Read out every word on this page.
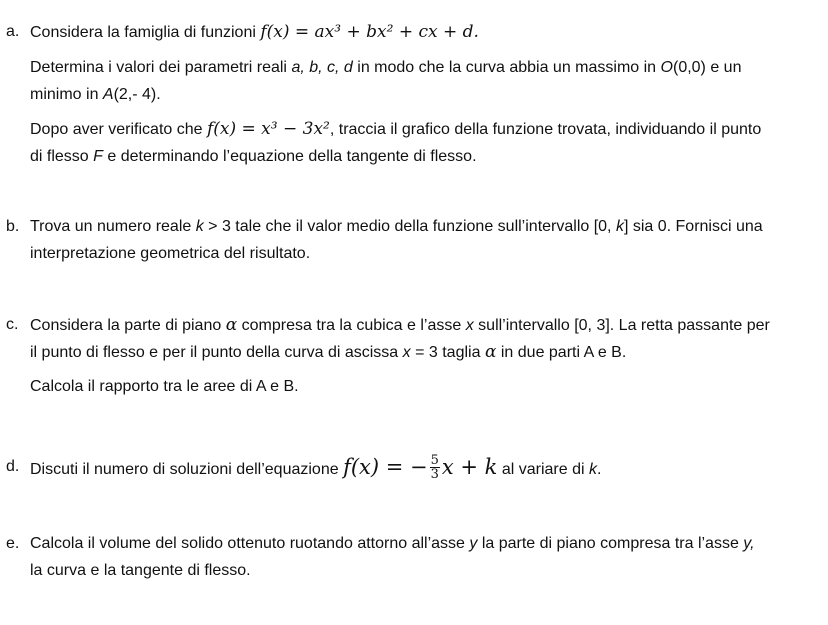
a. Considera la famiglia di funzioni f(x) = ax³ + bx² + cx + d.
Determina i valori dei parametri reali a, b, c, d in modo che la curva abbia un massimo in O(0,0) e un
minimo in A(2,- 4).
Dopo aver verificato che f(x) = x³ − 3x², traccia il grafico della funzione trovata, individuando il punto
di flesso F e determinando l’equazione della tangente di flesso.
b. Trova un numero reale k > 3 tale che il valor medio della funzione sull’intervallo [0, k] sia 0. Fornisci una
interpretazione geometrica del risultato.
c. Considera la parte di piano α compresa tra la cubica e l’asse x sull’intervallo [0, 3]. La retta passante per
il punto di flesso e per il punto della curva di ascissa x = 3 taglia α in due parti A e B.
Calcola il rapporto tra le aree di A e B.
d. Discuti il numero di soluzioni dell’equazione f(x) = − $\frac{5}{3}$ x + k al variare di k.
e. Calcola il volume del solido ottenuto ruotando attorno all’asse y la parte di piano compresa tra l’asse y,
la curva e la tangente di flesso.
